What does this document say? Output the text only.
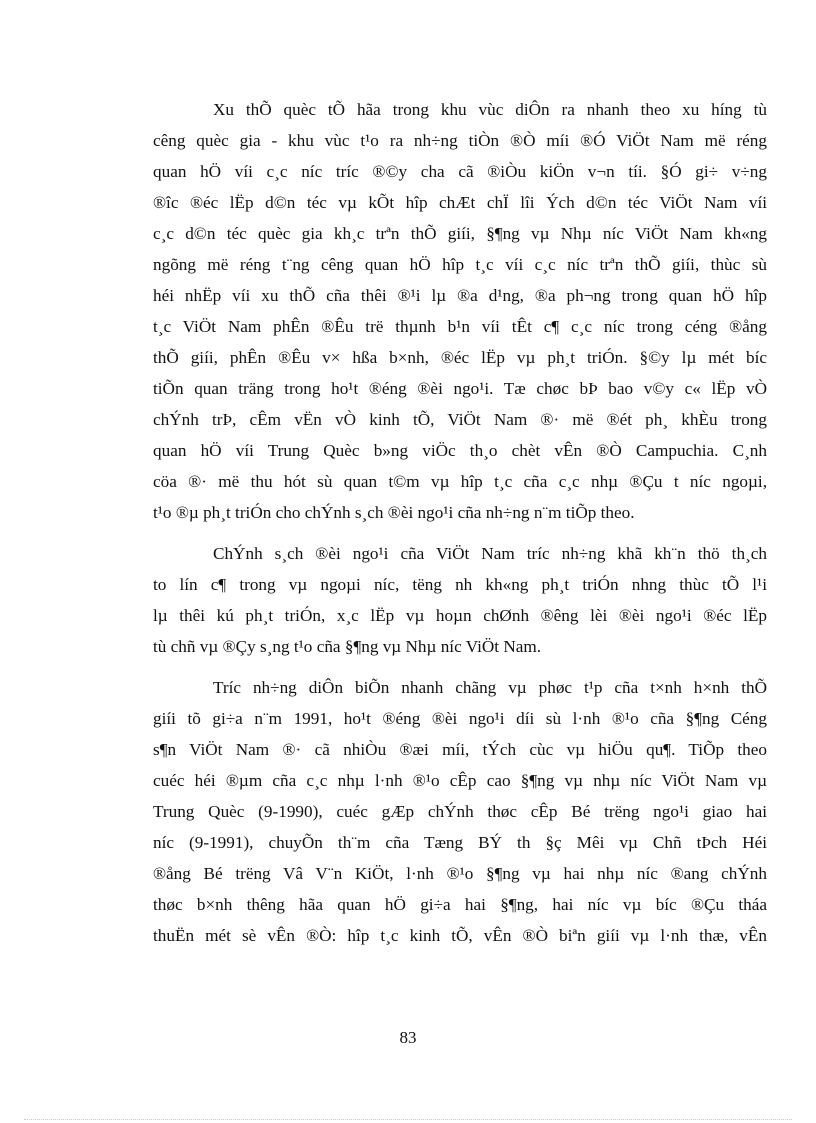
Xu thÕ quèc tÕ hãa trong khu vùc diÔn ra nhanh theo xu híng tù
cêng quèc gia - khu vùc t¹o ra nh÷ng tiÒn ®Ò míi ®Ó ViÖt Nam më réng
quan hÖ víi c¸c níc tríc ®©y cha cã ®iÒu kiÖn v¬n tíi. §Ó gi÷ v÷ng
®îc ®éc lËp d©n téc vµ kÕt hîp chÆt chÏ lîi Ých d©n téc ViÖt Nam víi
c¸c d©n téc quèc gia kh¸c trªn thÕ giíi, §¶ng vµ Nhµ níc ViÖt Nam kh«ng
ngõng më réng t¨ng cêng quan hÖ hîp t¸c víi c¸c níc trªn thÕ giíi, thùc sù
héi nhËp víi xu thÕ cña thêi ®¹i lµ ®a d¹ng, ®a ph¬ng trong quan hÖ hîp
t¸c ViÖt Nam phÊn ®Êu trë thµnh b¹n víi tÊt c¶ c¸c níc trong céng ®ång
thÕ giíi, phÊn ®Êu v× hßa b×nh, ®éc lËp vµ ph¸t triÓn. §©y lµ mét bíc
tiÕn quan träng trong ho¹t ®éng ®èi ngo¹i. Tæ chøc bÞ bao v©y c« lËp vÒ
chÝnh trÞ, cÊm vËn vÒ kinh tÕ, ViÖt Nam ®· më ®ét ph¸ khÈu trong
quan hÖ víi Trung Quèc b»ng viÖc th¸o chèt vÊn ®Ò Campuchia. C¸nh
cöa ®· më thu hót sù quan t©m vµ hîp t¸c cña c¸c nhµ ®Çu t níc ngoµi,
t¹o ®µ ph¸t triÓn cho chÝnh s¸ch ®èi ngo¹i cña nh÷ng n¨m tiÕp theo.
ChÝnh s¸ch ®èi ngo¹i cña ViÖt Nam tríc nh÷ng khã kh¨n thö th¸ch
to lín c¶ trong vµ ngoµi níc, tëng nh kh«ng ph¸t triÓn nhng thùc tÕ l¹i
lµ thêi kú ph¸t triÓn, x¸c lËp vµ hoµn chØnh ®êng lèi ®èi ngo¹i ®éc lËp
tù chñ vµ ®Çy s¸ng t¹o cña §¶ng vµ Nhµ níc ViÖt Nam.
Tríc nh÷ng diÔn biÕn nhanh chãng vµ phøc t¹p cña t×nh h×nh thÕ
giíi tõ gi÷a n¨m 1991, ho¹t ®éng ®èi ngo¹i díi sù l·nh ®¹o cña §¶ng Céng
s¶n ViÖt Nam ®· cã nhiÒu ®æi míi, tÝch cùc vµ hiÖu qu¶. TiÕp theo
cuéc héi ®µm cña c¸c nhµ l·nh ®¹o cÊp cao §¶ng vµ nhµ níc ViÖt Nam vµ
Trung Quèc (9-1990), cuéc gÆp chÝnh thøc cÊp Bé trëng ngo¹i giao hai
níc (9-1991), chuyÕn th¨m cña Tæng BÝ th §ç Mêi vµ Chñ tÞch Héi
®ång Bé trëng Vâ V¨n KiÖt, l·nh ®¹o §¶ng vµ hai nhµ níc ®ang chÝnh
thøc b×nh thêng hãa quan hÖ gi÷a hai §¶ng, hai níc vµ bíc ®Çu tháa
thuËn mét sè vÊn ®Ò: hîp t¸c kinh tÕ, vÊn ®Ò biªn giíi vµ l·nh thæ, vÊn
83
